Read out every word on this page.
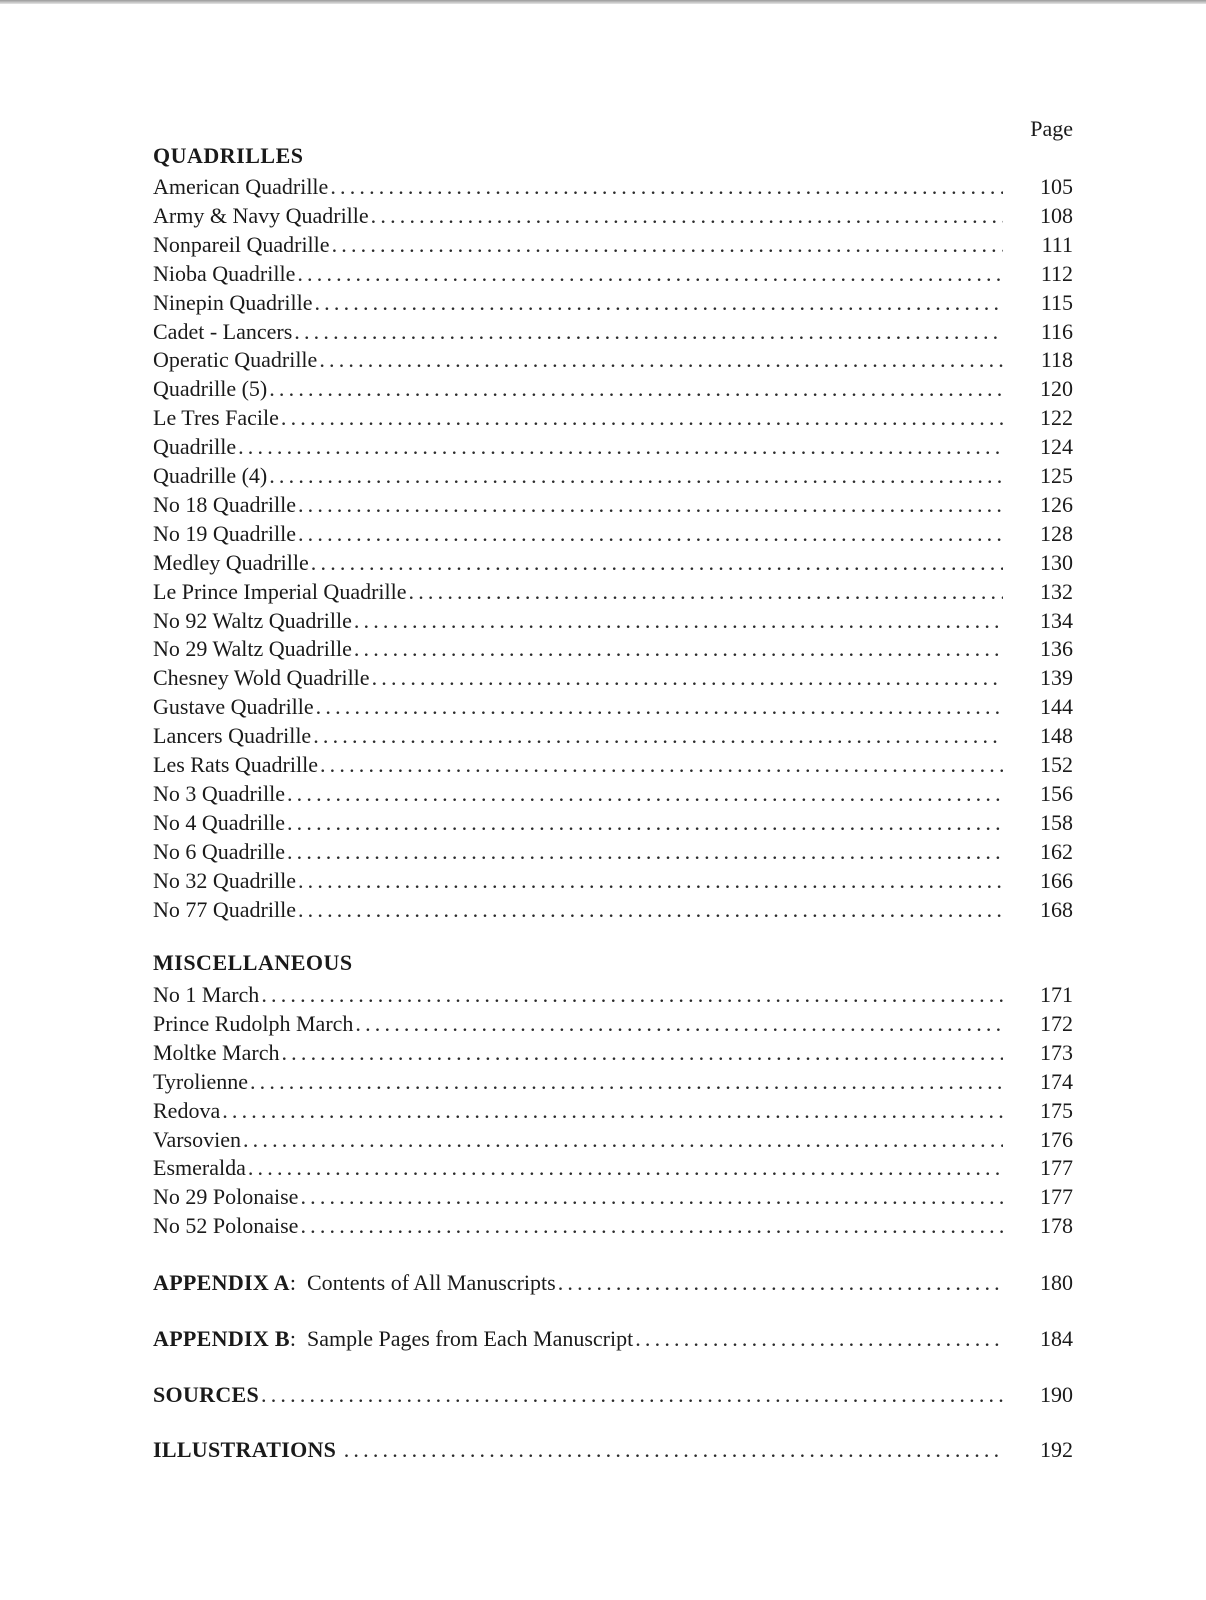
Page
QUADRILLES
American Quadrille .....	105
Army & Navy Quadrille .....	108
Nonpareil Quadrille .....	111
Nioba Quadrille .....	112
Ninepin Quadrille .....	115
Cadet - Lancers .....	116
Operatic Quadrille .....	118
Quadrille (5) .....	120
Le Tres Facile .....	122
Quadrille .....	124
Quadrille (4) .....	125
No 18 Quadrille .....	126
No 19 Quadrille .....	128
Medley Quadrille .....	130
Le Prince Imperial Quadrille .....	132
No 92 Waltz Quadrille .....	134
No 29 Waltz Quadrille .....	136
Chesney Wold Quadrille .....	139
Gustave Quadrille .....	144
Lancers Quadrille .....	148
Les Rats Quadrille .....	152
No 3 Quadrille .....	156
No 4 Quadrille .....	158
No 6 Quadrille .....	162
No 32 Quadrille .....	166
No 77 Quadrille .....	168
MISCELLANEOUS
No 1 March .....	171
Prince Rudolph March .....	172
Moltke March .....	173
Tyrolienne .....	174
Redova .....	175
Varsovien .....	176
Esmeralda .....	177
No 29 Polonaise .....	177
No 52 Polonaise .....	178
APPENDIX A:  Contents of All Manuscripts .....	180
APPENDIX B:  Sample Pages from Each Manuscript .....	184
SOURCES .....	190
ILLUSTRATIONS .....	192
